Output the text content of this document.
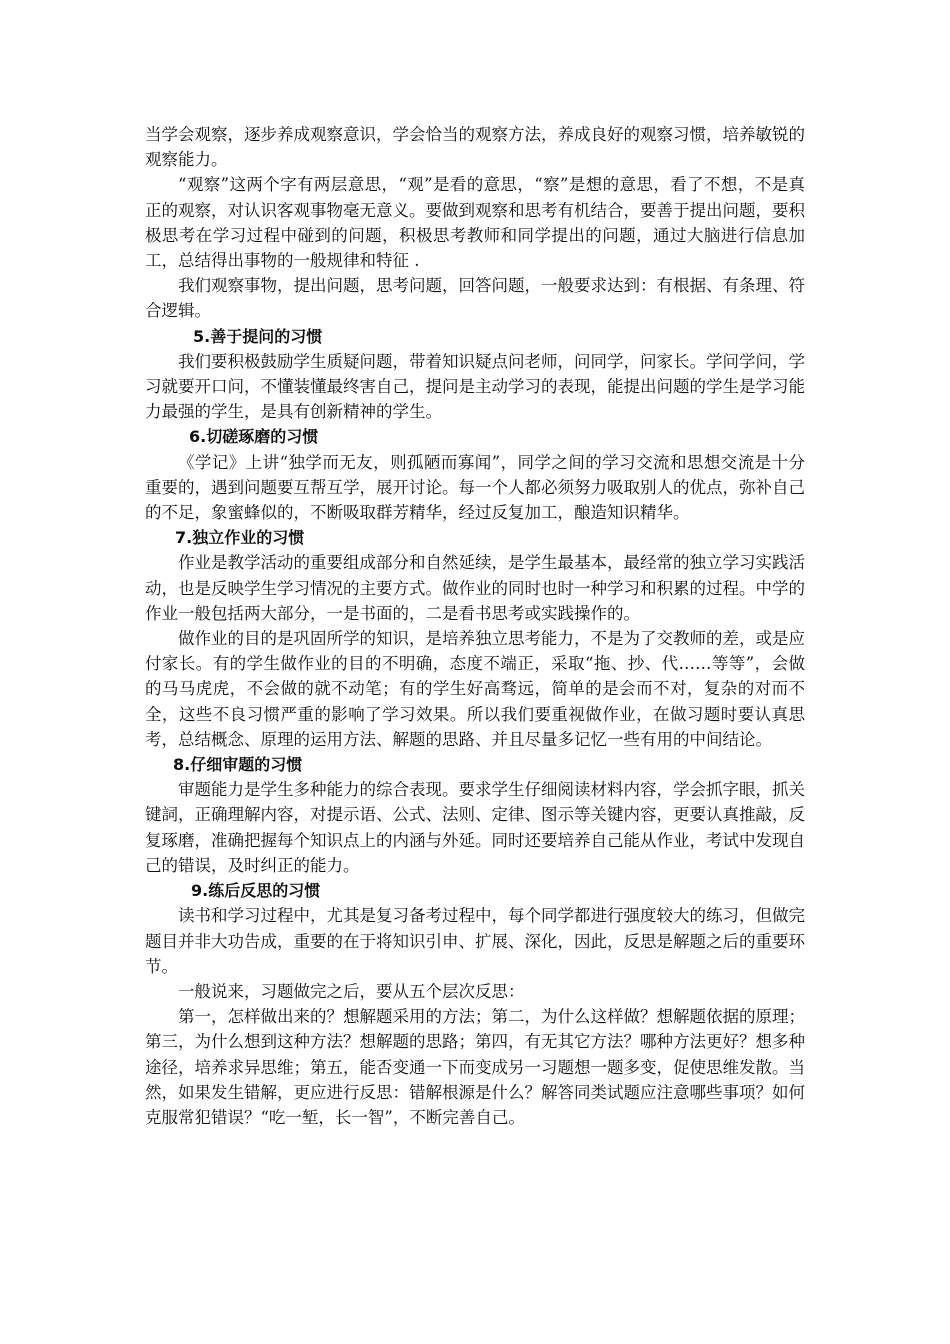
当学会观察，逐步养成观察意识，学会恰当的观察方法，养成良好的观察习惯，培养敏锐的观察能力。

“观察”这两个字有两层意思，“观”是看的意思，“察”是想的意思，看了不想，不是真正的观察，对认识客观事物毫无意义。要做到观察和思考有机结合，要善于提出问题，要积极思考在学习过程中碰到的问题，积极思考教师和同学提出的问题，通过大脑进行信息加工，总结得出事物的一般规律和特征 .

我们观察事物，提出问题，思考问题，回答问题，一般要求达到：有根据、有条理、符合逻辑。

5.善于提问的习惯

我们要积极鼓励学生质疑问题，带着知识疑点问老师，问同学，问家长。学问学问，学习就要开口问，不懂装懂最终害自己，提问是主动学习的表现，能提出问题的学生是学习能力最强的学生，是具有创新精神的学生。

6.切磋琢磨的习惯

《学记》上讲“独学而无友，则孤陋而寡闻”，同学之间的学习交流和思想交流是十分重要的，遇到问题要互帮互学，展开讨论。每一个人都必须努力吸取别人的优点，弥补自己的不足，象蜜蜂似的，不断吸取群芳精华，经过反复加工，酿造知识精华。

7.独立作业的习惯

作业是教学活动的重要组成部分和自然延续，是学生最基本，最经常的独立学习实践活动，也是反映学生学习情况的主要方式。做作业的同时也时一种学习和积累的过程。中学的作业一般包括两大部分，一是书面的，二是看书思考或实践操作的。

做作业的目的是巩固所学的知识，是培养独立思考能力，不是为了交教师的差，或是应付家长。有的学生做作业的目的不明确，态度不端正，采取“拖、抄、代……等等”，会做的马马虎虎，不会做的就不动笔；有的学生好高骛远，简单的是会而不对，复杂的对而不全，这些不良习惯严重的影响了学习效果。所以我们要重视做作业，在做习题时要认真思考，总结概念、原理的运用方法、解题的思路、并且尽量多记忆一些有用的中间结论。

8.仔细审题的习惯

审题能力是学生多种能力的综合表现。要求学生仔细阅读材料内容，学会抓字眼，抓关键詞，正确理解内容，对提示语、公式、法则、定律、图示等关键内容，更要认真推敲，反复琢磨，准确把握每个知识点上的内涵与外延。同时还要培养自己能从作业，考试中发现自己的错误，及时纠正的能力。

9.练后反思的习惯

读书和学习过程中，尤其是复习备考过程中，每个同学都进行强度较大的练习，但做完题目并非大功告成，重要的在于将知识引申、扩展、深化，因此，反思是解题之后的重要环节。

一般说来，习题做完之后，要从五个层次反思：

第一，怎样做出来的？想解题采用的方法；第二，为什么这样做？想解题依据的原理；第三，为什么想到这种方法？想解题的思路；第四，有无其它方法？哪种方法更好？想多种途径，培养求异思维；第五，能否变通一下而变成另一习题想一题多变，促使思维发散。当然，如果发生错解，更应进行反思：错解根源是什么？解答同类试题应注意哪些事项？如何克服常犯错误？“吃一堑，长一智”，不断完善自己。
